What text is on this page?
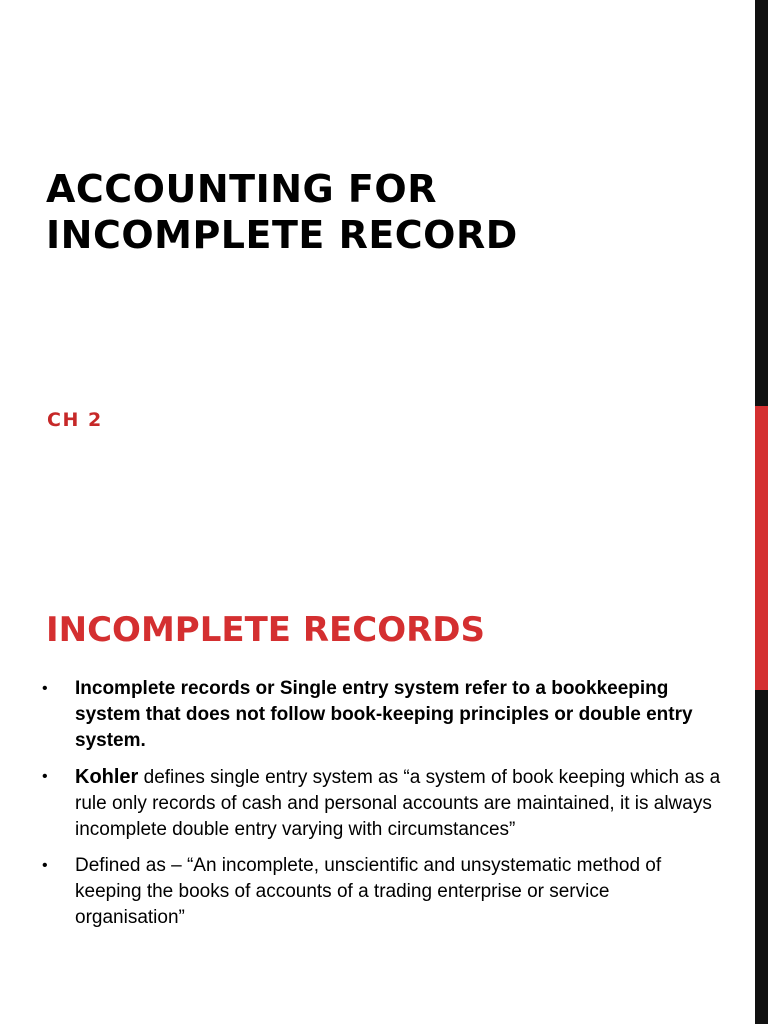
ACCOUNTING FOR
INCOMPLETE RECORD

CH 2

INCOMPLETE RECORDS
• Incomplete records or Single entry system refer to a bookkeeping system that does not follow book-keeping principles or double entry system.
• Kohler defines single entry system as “a system of book keeping which as a rule only records of cash and personal accounts are maintained, it is always incomplete double entry varying with circumstances”
• Defined as – “An incomplete, unscientific and unsystematic method of keeping the books of accounts of a trading enterprise or service organisation”
